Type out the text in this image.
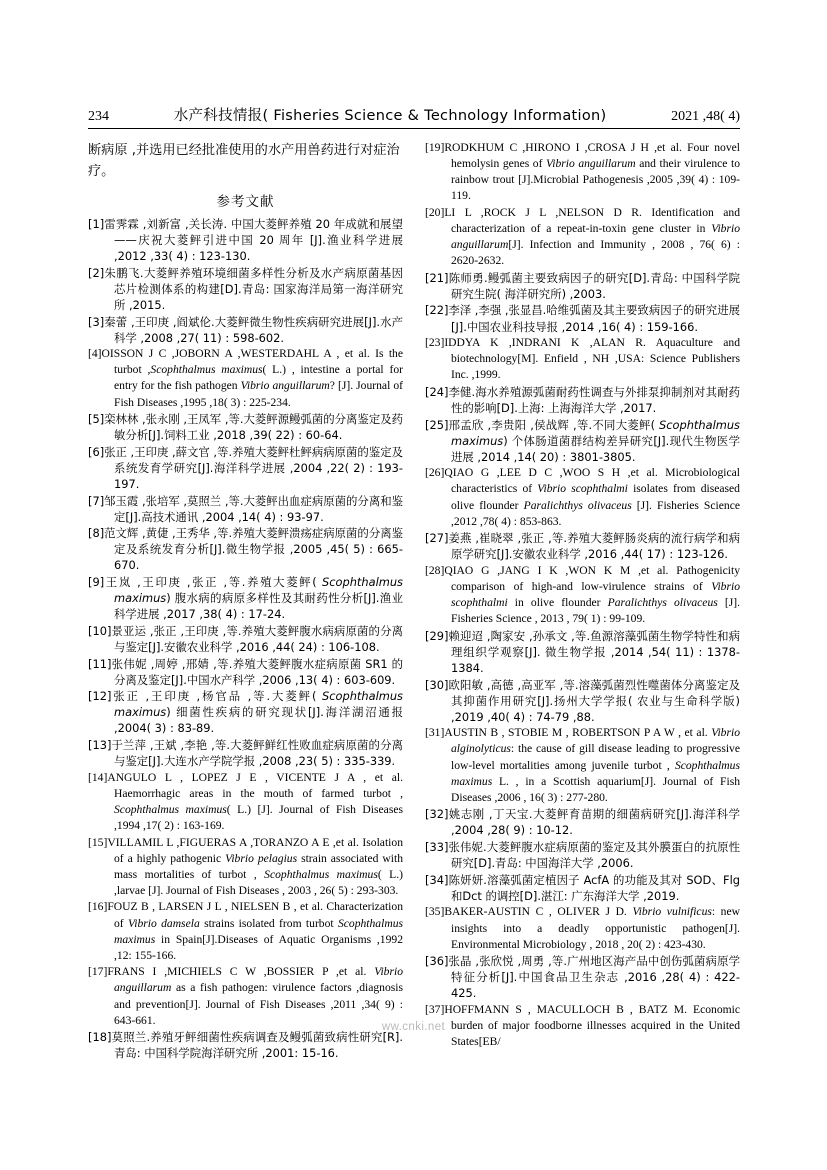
234	水产科技情报( Fisheries Science & Technology Information)	2021 ,48( 4)
断病原 ,并选用已经批准使用的水产用兽药进行对症治疗。
参考文献
[1]雷霁霖 ,刘新富 ,关长涛. 中国大菱鲆养殖 20 年成就和展望——庆祝大菱鲆引进中国 20 周年 [J].渔业科学进展 ,2012 ,33( 4) : 123-130.
[2]朱鹏飞.大菱鲆养殖环境细菌多样性分析及水产病原菌基因芯片检测体系的构建[D].青岛: 国家海洋局第一海洋研究所 ,2015.
[3]秦蕾 ,王印庚 ,阎斌伦.大菱鲆微生物性疾病研究进展[J].水产科学 ,2008 ,27( 11) : 598-602.
[4]OISSON J C ,JOBORN A ,WESTERDAHL A , et al. Is the turbot ,Scophthalmus maximus( L.) , intestine a portal for entry for the fish pathogen Vibrio anguillarum? [J]. Journal of Fish Diseases ,1995 ,18( 3) : 225-234.
[5]栾林林 ,张永刚 ,王凤军 ,等.大菱鲆源鳗弧菌的分离鉴定及药敏分析[J].饲料工业 ,2018 ,39( 22) : 60-64.
[6]张正 ,王印庚 ,薛文官 ,等.养殖大菱鲆杜鲆病病原菌的鉴定及系统发育学研究[J].海洋科学进展 ,2004 ,22( 2) : 193-197.
[7]邹玉霞 ,张培军 ,莫照兰 ,等.大菱鲆出血症病原菌的分离和鉴定[J].高技术通讯 ,2004 ,14( 4) : 93-97.
[8]范文辉 ,黄倢 ,王秀华 ,等.养殖大菱鲆溃疡症病原菌的分离鉴定及系统发育分析[J].微生物学报 ,2005 ,45( 5) : 665-670.
[9]王岚 ,王印庚 ,张正 ,等.养殖大菱鲆( Scophthalmus maximus) 腹水病的病原多样性及其耐药性分析[J].渔业科学进展 ,2017 ,38( 4) : 17-24.
[10]景亚运 ,张正 ,王印庚 ,等.养殖大菱鲆腹水病病原菌的分离与鉴定[J].安徽农业科学 ,2016 ,44( 24) : 106-108.
[11]张伟妮 ,周婷 ,邢婧 ,等.养殖大菱鲆腹水症病原菌 SR1 的分离及鉴定[J].中国水产科学 ,2006 ,13( 4) : 603-609.
[12]张正 ,王印庚 ,杨官品 ,等.大菱鲆( Scophthalmus maximus) 细菌性疾病的研究现状[J].海洋湖沼通报 ,2004( 3) : 83-89.
[13]于兰萍 ,王斌 ,李艳 ,等.大菱鲆鲜红性败血症病原菌的分离与鉴定[J].大连水产学院学报 ,2008 ,23( 5) : 335-339.
[14]ANGULO L , LOPEZ J E , VICENTE J A , et al. Haemorrhagic areas in the mouth of farmed turbot , Scophthalmus maximus( L.) [J]. Journal of Fish Diseases ,1994 ,17( 2) : 163-169.
[15]VILLAMIL L ,FIGUERAS A ,TORANZO A E ,et al. Isolation of a highly pathogenic Vibrio pelagius strain associated with mass mortalities of turbot , Scophthalmus maximus( L.) ,larvae [J]. Journal of Fish Diseases , 2003 , 26( 5) : 293-303.
[16]FOUZ B , LARSEN J L , NIELSEN B , et al. Characterization of Vibrio damsela strains isolated from turbot Scophthalmus maximus in Spain[J].Diseases of Aquatic Organisms ,1992 ,12: 155-166.
[17]FRANS I ,MICHIELS C W ,BOSSIER P ,et al. Vibrio anguillarum as a fish pathogen: virulence factors ,diagnosis and prevention[J]. Journal of Fish Diseases ,2011 ,34( 9) : 643-661.
[18]莫照兰.养殖牙鲆细菌性疾病调查及鳗弧菌致病性研究[R].青岛: 中国科学院海洋研究所 ,2001: 15-16.
[19]RODKHUM C ,HIRONO I ,CROSA J H ,et al. Four novel hemolysin genes of Vibrio anguillarum and their virulence to rainbow trout [J].Microbial Pathogenesis ,2005 ,39( 4) : 109-119.
[20]LI L ,ROCK J L ,NELSON D R. Identification and characterization of a repeat-in-toxin gene cluster in Vibrio anguillarum[J]. Infection and Immunity , 2008 , 76( 6) : 2620-2632.
[21]陈师勇.鳗弧菌主要致病因子的研究[D].青岛: 中国科学院研究生院( 海洋研究所) ,2003.
[22]李泽 ,李强 ,张显昌.哈维弧菌及其主要致病因子的研究进展[J].中国农业科技导报 ,2014 ,16( 4) : 159-166.
[23]IDDYA K ,INDRANI K ,ALAN R. Aquaculture and biotechnology[M]. Enfield , NH ,USA: Science Publishers Inc. ,1999.
[24]李健.海水养殖源弧菌耐药性调查与外排泵抑制剂对其耐药性的影响[D].上海: 上海海洋大学 ,2017.
[25]邢孟欣 ,李贵阳 ,侯战辉 ,等.不同大菱鲆( Scophthalmus maximus) 个体肠道菌群结构差异研究[J].现代生物医学进展 ,2014 ,14( 20) : 3801-3805.
[26]QIAO G ,LEE D C ,WOO S H ,et al. Microbiological characteristics of Vibrio scophthalmi isolates from diseased olive flounder Paralichthys olivaceus [J]. Fisheries Science ,2012 ,78( 4) : 853-863.
[27]姜燕 ,崔晓翠 ,张正 ,等.养殖大菱鲆肠炎病的流行病学和病原学研究[J].安徽农业科学 ,2016 ,44( 17) : 123-126.
[28]QIAO G ,JANG I K ,WON K M ,et al. Pathogenicity comparison of high-and low-virulence strains of Vibrio scophthalmi in olive flounder Paralichthys olivaceus [J]. Fisheries Science , 2013 , 79( 1) : 99-109.
[29]赖迎迢 ,陶家安 ,孙承文 ,等.鱼源溶藻弧菌生物学特性和病理组织学观察[J]. 微生物学报 ,2014 ,54( 11) : 1378-1384.
[30]欧阳敏 ,高德 ,高亚军 ,等.溶藻弧菌烈性噬菌体分离鉴定及其抑菌作用研究[J].扬州大学学报( 农业与生命科学版) ,2019 ,40( 4) : 74-79 ,88.
[31]AUSTIN B , STOBIE M , ROBERTSON P A W , et al. Vibrio alginolyticus: the cause of gill disease leading to progressive low-level mortalities among juvenile turbot , Scophthalmus maximus L. , in a Scottish aquarium[J]. Journal of Fish Diseases ,2006 , 16( 3) : 277-280.
[32]姚志刚 ,丁天宝.大菱鲆育苗期的细菌病研究[J].海洋科学 ,2004 ,28( 9) : 10-12.
[33]张伟妮.大菱鲆腹水症病原菌的鉴定及其外膜蛋白的抗原性研究[D].青岛: 中国海洋大学 ,2006.
[34]陈妍妍.溶藻弧菌定植因子 AcfA 的功能及其对 SOD、Flg 和Dct 的调控[D].湛江: 广东海洋大学 ,2019.
[35]BAKER-AUSTIN C , OLIVER J D. Vibrio vulnificus: new insights into a deadly opportunistic pathogen[J]. Environmental Microbiology , 2018 , 20( 2) : 423-430.
[36]张晶 ,张欣悦 ,周勇 ,等.广州地区海产品中创伤弧菌病原学特征分析[J].中国食品卫生杂志 ,2016 ,28( 4) : 422-425.
[37]HOFFMANN S , MACULLOCH B , BATZ M. Economic burden of major foodborne illnesses acquired in the United States[EB/
ww.cnki.net
